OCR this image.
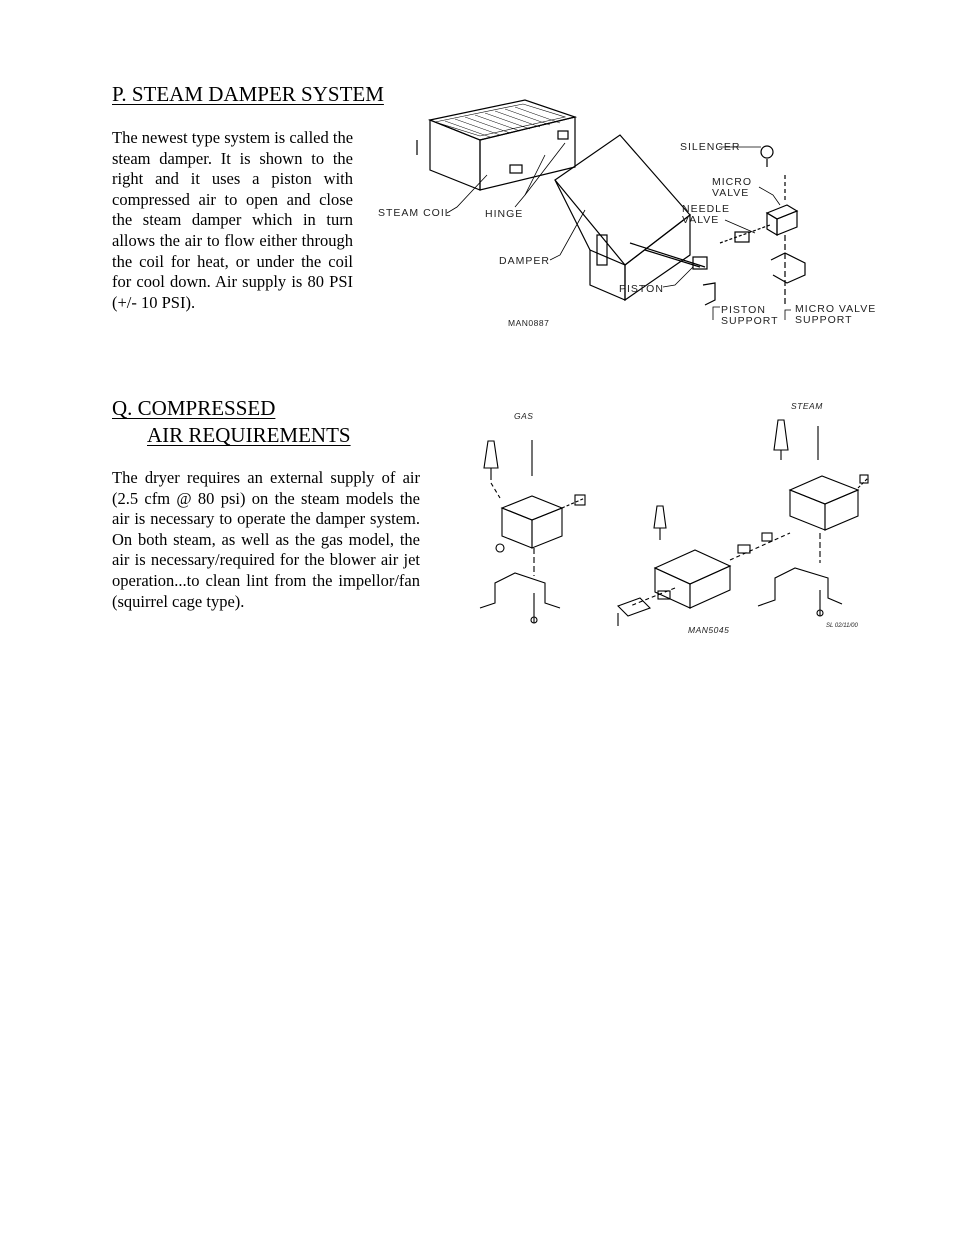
P. STEAM DAMPER SYSTEM
The newest type system is called the steam damper. It is shown to the right and it uses a piston with compressed air to open and close the steam damper which in turn allows the air to flow either through the coil for heat, or under the coil for cool down. Air supply is 80 PSI (+/- 10 PSI).
SILENCER
MICRO
VALVE
NEEDLE
VALVE
STEAM COIL	HINGE
DAMPER
PISTON
PISTON
SUPPORT
MICRO VALVE
SUPPORT
MAN0887
Q. COMPRESSED
AIR REQUIREMENTS
The dryer requires an external supply of air (2.5 cfm @ 80 psi) on the steam models the air is necessary to operate the damper system. On both steam, as well as the gas model, the air is necessary/required for the blower air jet operation...to clean lint from the impellor/fan (squirrel cage type).
GAS
STEAM
MAN5045	SL 02/11/00
